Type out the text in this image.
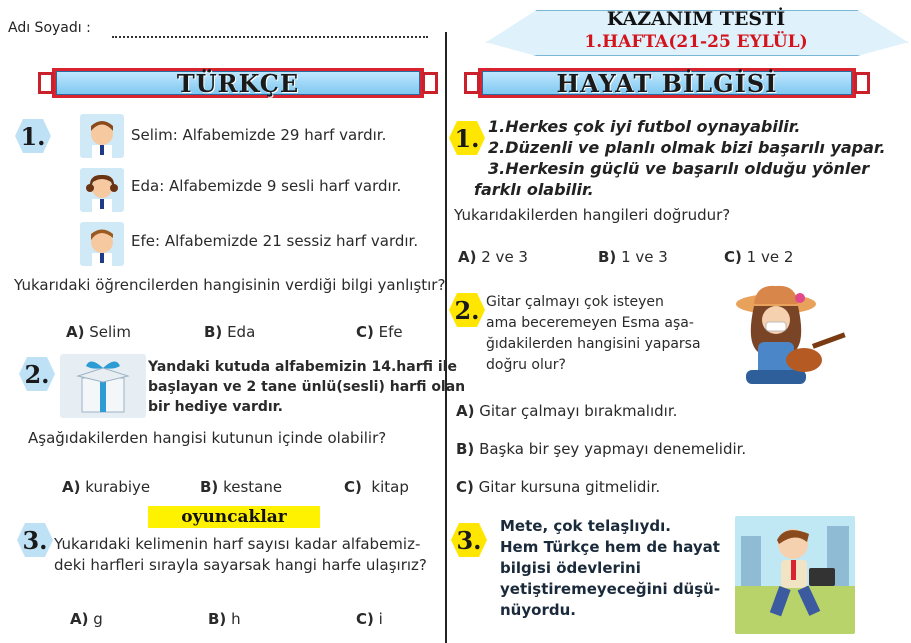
Adı Soyadı :	KAZANIM TESTİ
1.HAFTA(21-25 EYLÜL)
TÜRKÇE	HAYAT BİLGİSİ
1.	Selim: Alfabemizde 29 harf vardır.
Eda: Alfabemizde 9 sesli harf vardır.
Efe: Alfabemizde 21 sessiz harf vardır.
Yukarıdaki öğrencilerden hangisinin verdiği bilgi yanlıştır?
A) Selim	B) Eda	C) Efe
2.	Yandaki kutuda alfabemizin 14.harfi ile
başlayan ve 2 tane ünlü(sesli) harfi olan
bir hediye vardır.
Aşağıdakilerden hangisi kutunun içinde olabilir?
A) kurabiye	B) kestane	C) kitap
oyuncaklar
3. Yukarıdaki kelimenin harf sayısı kadar alfabemiz-
deki harfleri sırayla sayarsak hangi harfe ulaşırız?
A) g	B) h	C) i
1. 1.Herkes çok iyi futbol oynayabilir.
2.Düzenli ve planlı olmak bizi başarılı yapar.
3.Herkesin güçlü ve başarılı olduğu yönler
farklı olabilir.
Yukarıdakilerden hangileri doğrudur?
A) 2 ve 3	B) 1 ve 3	C) 1 ve 2
2. Gitar çalmayı çok isteyen
ama beceremeyen Esma aşa-
ğıdakilerden hangisini yaparsa
doğru olur?
A) Gitar çalmayı bırakmalıdır.
B) Başka bir şey yapmayı denemelidir.
C) Gitar kursuna gitmelidir.
3. Mete, çok telaşlıydı.
Hem Türkçe hem de hayat
bilgisi ödevlerini
yetiştiremeyeceğini düşü-
nüyordu.
